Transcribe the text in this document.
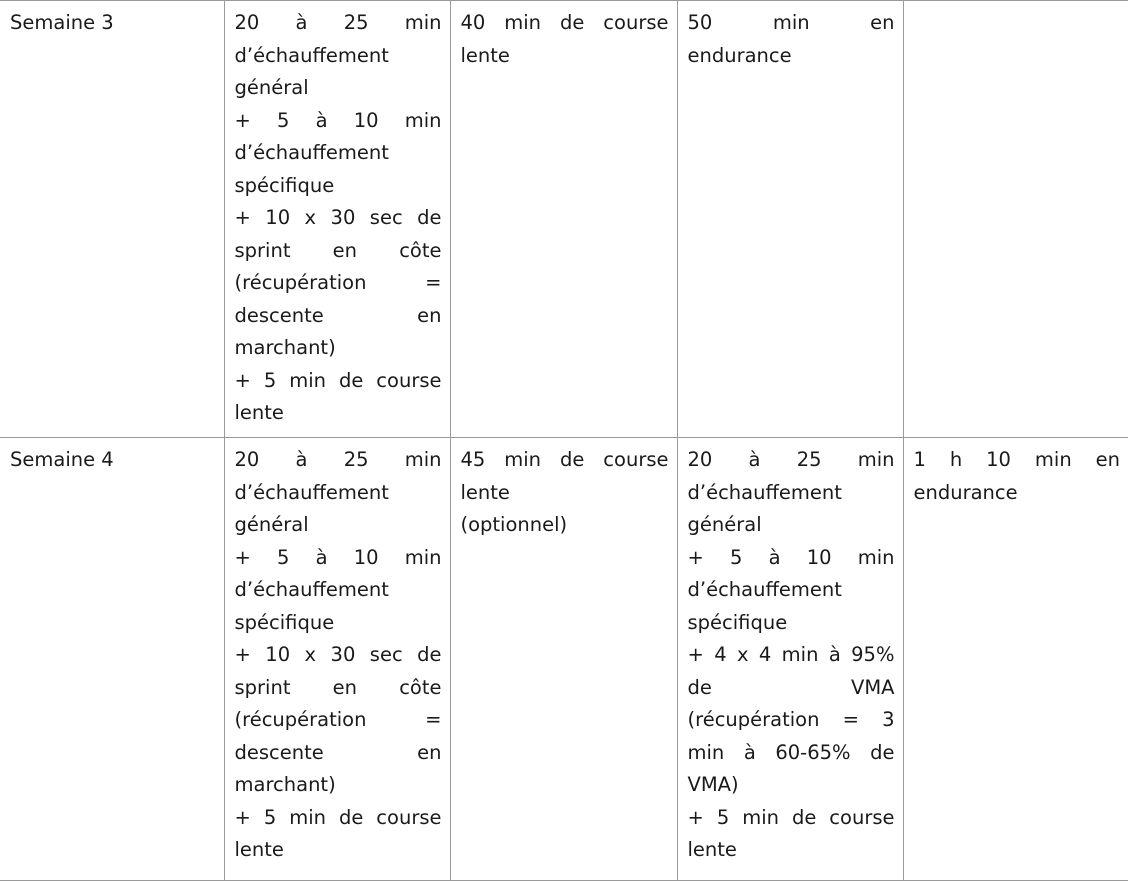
Semaine 3	20 à 25 min d’échauffement général
+ 5 à 10 min d’échauffement spécifique
+ 10 x 30 sec de sprint en côte (récupération = descente en marchant)
+ 5 min de course lente	40 min de course lente	50 min en endurance	

Semaine 4	20 à 25 min d’échauffement général
+ 5 à 10 min d’échauffement spécifique
+ 10 x 30 sec de sprint en côte (récupération = descente en marchant)
+ 5 min de course lente	45 min de course lente
(optionnel)	20 à 25 min d’échauffement général
+ 5 à 10 min d’échauffement spécifique
+ 4 x 4 min à 95% de VMA (récupération = 3 min à 60-65% de VMA)
+ 5 min de course lente	1 h 10 min en endurance
